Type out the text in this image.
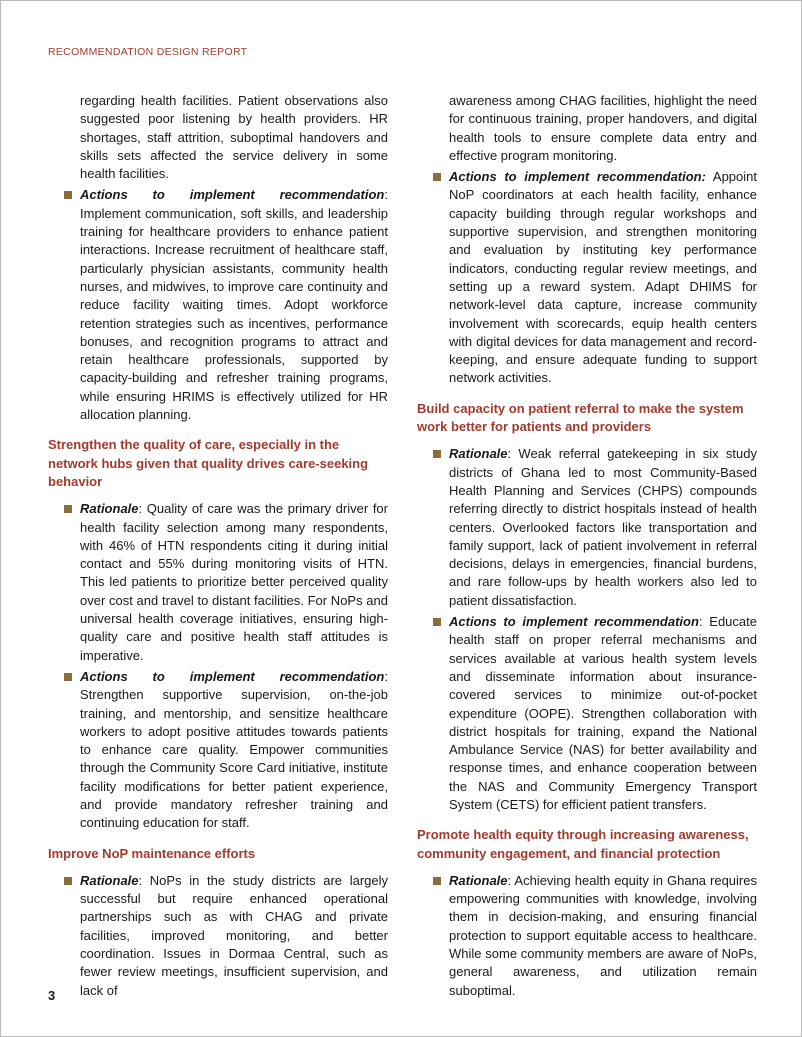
RECOMMENDATION DESIGN REPORT

regarding health facilities. Patient observations also suggested poor listening by health providers. HR shortages, staff attrition, suboptimal handovers and skills sets affected the service delivery in some health facilities.

Actions to implement recommendation: Implement communication, soft skills, and leadership training for healthcare providers to enhance patient interactions. Increase recruitment of healthcare staff, particularly physician assistants, community health nurses, and midwives, to improve care continuity and reduce facility waiting times. Adopt workforce retention strategies such as incentives, performance bonuses, and recognition programs to attract and retain healthcare professionals, supported by capacity-building and refresher training programs, while ensuring HRIMS is effectively utilized for HR allocation planning.
Strengthen the quality of care, especially in the network hubs given that quality drives care-seeking behavior
Rationale: Quality of care was the primary driver for health facility selection among many respondents, with 46% of HTN respondents citing it during initial contact and 55% during monitoring visits of HTN. This led patients to prioritize better perceived quality over cost and travel to distant facilities. For NoPs and universal health coverage initiatives, ensuring high-quality care and positive health staff attitudes is imperative.
Actions to implement recommendation: Strengthen supportive supervision, on-the-job training, and mentorship, and sensitize healthcare workers to adopt positive attitudes towards patients to enhance care quality. Empower communities through the Community Score Card initiative, institute facility modifications for better patient experience, and provide mandatory refresher training and continuing education for staff.
Improve NoP maintenance efforts
Rationale: NoPs in the study districts are largely successful but require enhanced operational partnerships such as with CHAG and private facilities, improved monitoring, and better coordination. Issues in Dormaa Central, such as fewer review meetings, insufficient supervision, and lack of

awareness among CHAG facilities, highlight the need for continuous training, proper handovers, and digital health tools to ensure complete data entry and effective program monitoring.

Actions to implement recommendation: Appoint NoP coordinators at each health facility, enhance capacity building through regular workshops and supportive supervision, and strengthen monitoring and evaluation by instituting key performance indicators, conducting regular review meetings, and setting up a reward system. Adapt DHIMS for network-level data capture, increase community involvement with scorecards, equip health centers with digital devices for data management and record-keeping, and ensure adequate funding to support network activities.
Build capacity on patient referral to make the system work better for patients and providers
Rationale: Weak referral gatekeeping in six study districts of Ghana led to most Community-Based Health Planning and Services (CHPS) compounds referring directly to district hospitals instead of health centers. Overlooked factors like transportation and family support, lack of patient involvement in referral decisions, delays in emergencies, financial burdens, and rare follow-ups by health workers also led to patient dissatisfaction.
Actions to implement recommendation: Educate health staff on proper referral mechanisms and services available at various health system levels and disseminate information about insurance-covered services to minimize out-of-pocket expenditure (OOPE). Strengthen collaboration with district hospitals for training, expand the National Ambulance Service (NAS) for better availability and response times, and enhance cooperation between the NAS and Community Emergency Transport System (CETS) for efficient patient transfers.
Promote health equity through increasing awareness, community engagement, and financial protection
Rationale: Achieving health equity in Ghana requires empowering communities with knowledge, involving them in decision-making, and ensuring financial protection to support equitable access to healthcare. While some community members are aware of NoPs, general awareness, and utilization remain suboptimal.
3
